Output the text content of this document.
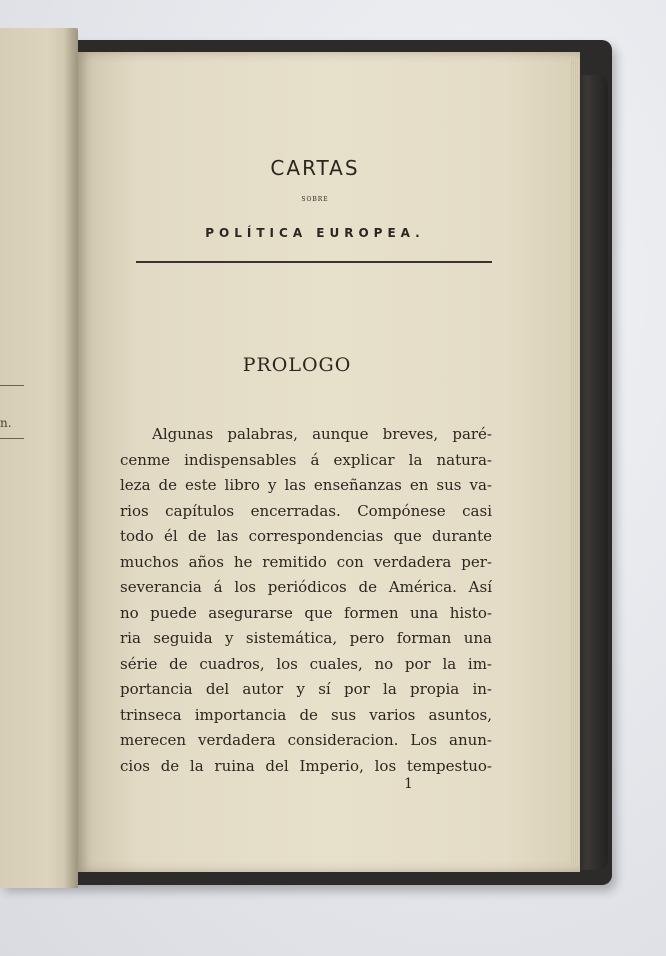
n.
CARTAS
SOBRE
POLÍTICA EUROPEA.
PROLOGO
Algunas palabras, aunque breves, paré-
cenme indispensables á explicar la natura-
leza de este libro y las enseñanzas en sus va-
rios capítulos encerradas. Compónese casi
todo él de las correspondencias que durante
muchos años he remitido con verdadera per-
severancia á los periódicos de América. Así
no puede asegurarse que formen una histo-
ria seguida y sistemática, pero forman una
série de cuadros, los cuales, no por la im-
portancia del autor y sí por la propia in-
trinseca importancia de sus varios asuntos,
merecen verdadera consideracion. Los anun-
cios de la ruina del Imperio, los tempestuo-
1
